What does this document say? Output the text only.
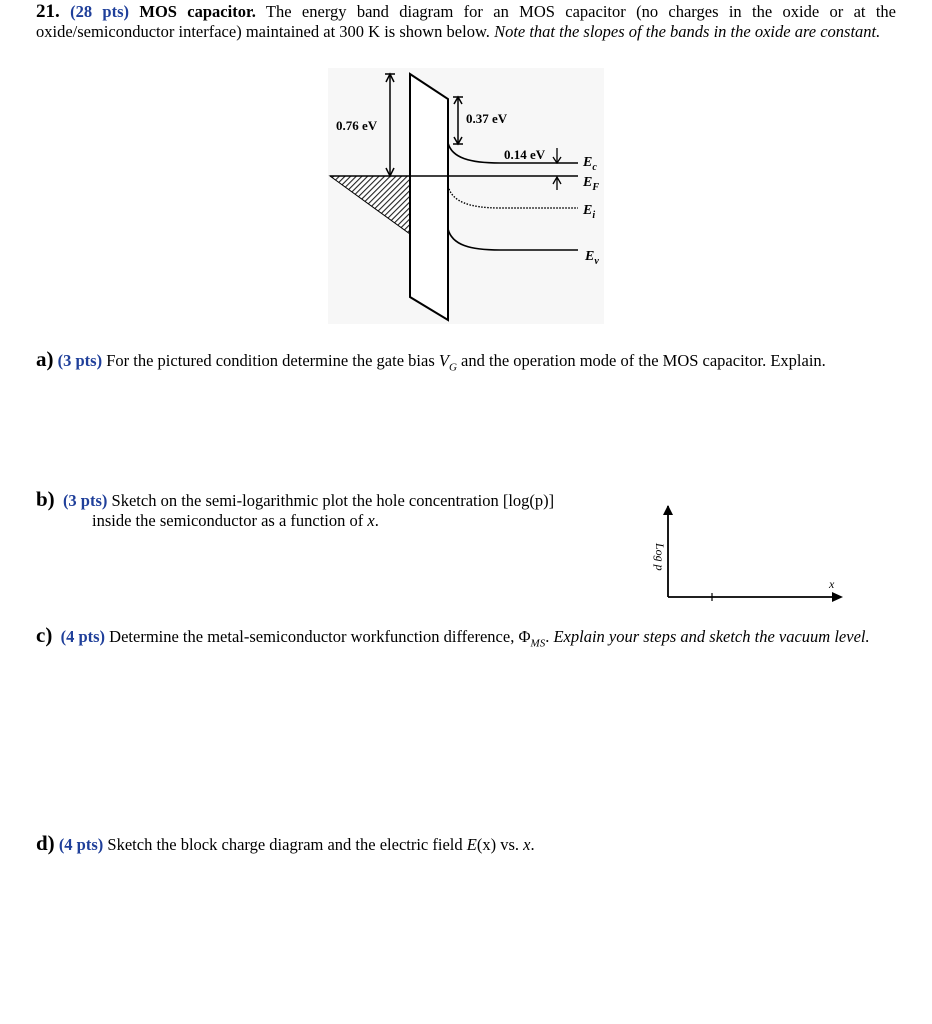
21. (28 pts) MOS capacitor. The energy band diagram for an MOS capacitor (no charges in the oxide or at the oxide/semiconductor interface) maintained at 300 K is shown below. Note that the slopes of the bands in the oxide are constant.
0.76 eV	0.37 eV
0.14 eV
$E_c$
$E_F$
$E_i$
$E_v$
a) (3 pts) For the pictured condition determine the gate bias $V_G$ and the operation mode of the MOS capacitor. Explain.
b) (3 pts) Sketch on the semi-logarithmic plot the hole concentration [log(p)]
inside the semiconductor as a function of x.
Log p
x
c) (4 pts) Determine the metal-semiconductor workfunction difference, $\Phi_{MS}$. Explain your steps and sketch the vacuum level.
d) (4 pts) Sketch the block charge diagram and the electric field E(x) vs. x.
